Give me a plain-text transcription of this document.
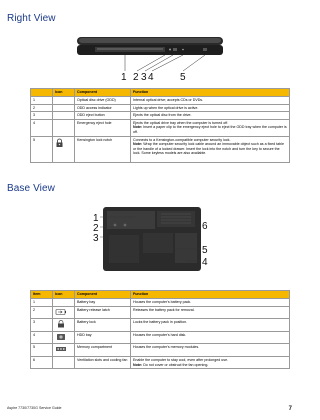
Right View
1 2 3 4	5
	Icon	Component	Function
1		Optical disc drive (ODD)	Internal optical drive; accepts CDs or DVDs.
2		ODD access indicator	Lights up when the optical drive is active.
3		ODD eject button	Ejects the optical disc from the drive.
4		Emergency eject hole	Ejects the optical drive tray when the computer is turned off.
Note: Insert a paper clip to the emergency eject hole to eject the ODD tray when the computer is off.
5		Kensington lock notch	Connects to a Kensington-compatible computer security lock.
Note: Wrap the computer security lock cable around an immovable object such as a fixed table or the handle of a locked drawer. Insert the lock into the notch and turn the key to secure the lock. Some keyless models are also available.
Base View
1
2
3
4
5
6
Item	Icon	Component	Function
1		Battery bay	Houses the computer's battery pack.
2		Battery release latch	Releases the battery pack for removal.
3		Battery lock	Locks the battery pack in position.
4		HDD bay	Houses the computer's hard disk.
5		Memory compartment	Houses the computer's memory modules.
6		Ventilation slots and cooling fan	Enable the computer to stay cool, even after prolonged use.
Note: Do not cover or obstruct the fan opening.
Aspire 7730/7730G Service Guide	7
